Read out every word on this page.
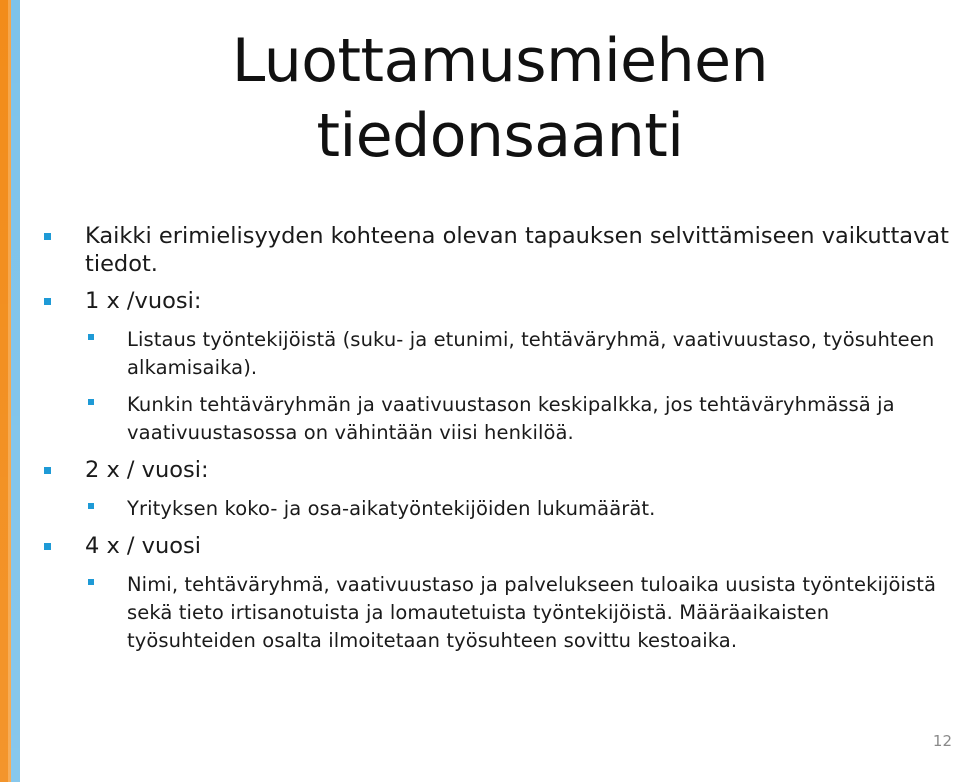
Luottamusmiehen
tiedonsaanti
Kaikki erimielisyyden kohteena olevan tapauksen selvittämiseen vaikuttavat tiedot.
1 x /vuosi:
Listaus työntekijöistä (suku- ja etunimi, tehtäväryhmä, vaativuustaso, työsuhteen alkamisaika).
Kunkin tehtäväryhmän ja vaativuustason keskipalkka, jos tehtäväryhmässä ja vaativuustasossa on vähintään viisi henkilöä.
2 x / vuosi:
Yrityksen koko- ja osa-aikatyöntekijöiden lukumäärät.
4 x / vuosi
Nimi, tehtäväryhmä, vaativuustaso ja palvelukseen tuloaika uusista työntekijöistä sekä tieto irtisanotuista ja lomautetuista työntekijöistä. Määräaikaisten työsuhteiden osalta ilmoitetaan työsuhteen sovittu kestoaika.
12
